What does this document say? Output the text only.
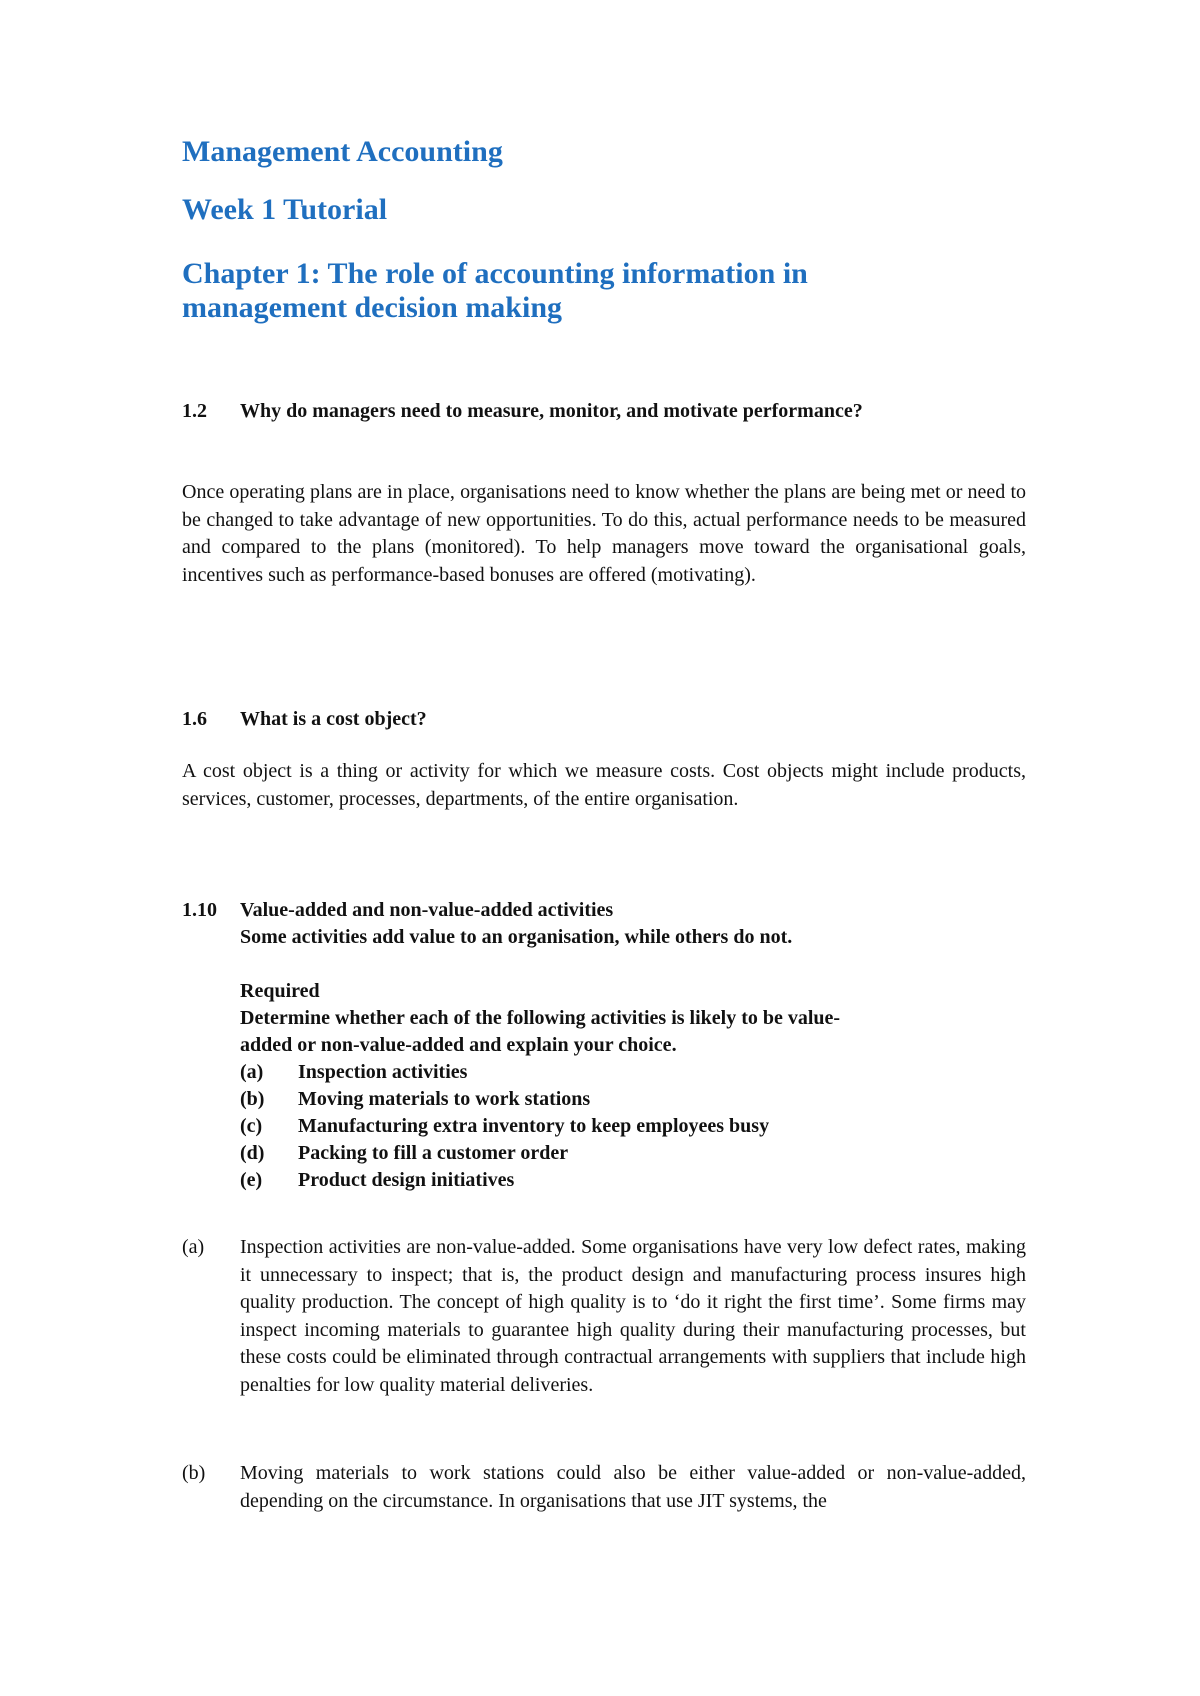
Management Accounting
Week 1 Tutorial
Chapter 1: The role of accounting information in
management decision making
1.2 Why do managers need to measure, monitor, and motivate performance?

Once operating plans are in place, organisations need to know whether the plans are being met or need to be changed to take advantage of new opportunities. To do this, actual performance needs to be measured and compared to the plans (monitored). To help managers move toward the organisational goals, incentives such as performance-based bonuses are offered (motivating).

1.6 What is a cost object?

A cost object is a thing or activity for which we measure costs. Cost objects might include products, services, customer, processes, departments, of the entire organisation.

1.10 Value-added and non-value-added activities
Some activities add value to an organisation, while others do not.
Required
Determine whether each of the following activities is likely to be value-
added or non-value-added and explain your choice.
(a) Inspection activities
(b) Moving materials to work stations
(c) Manufacturing extra inventory to keep employees busy
(d) Packing to fill a customer order
(e) Product design initiatives
(a) Inspection activities are non-value-added. Some organisations have very low defect rates, making it unnecessary to inspect; that is, the product design and manufacturing process insures high quality production. The concept of high quality is to ‘do it right the first time’. Some firms may inspect incoming materials to guarantee high quality during their manufacturing processes, but these costs could be eliminated through contractual arrangements with suppliers that include high penalties for low quality material deliveries.

(b) Moving materials to work stations could also be either value-added or non-value-added, depending on the circumstance. In organisations that use JIT systems, the
